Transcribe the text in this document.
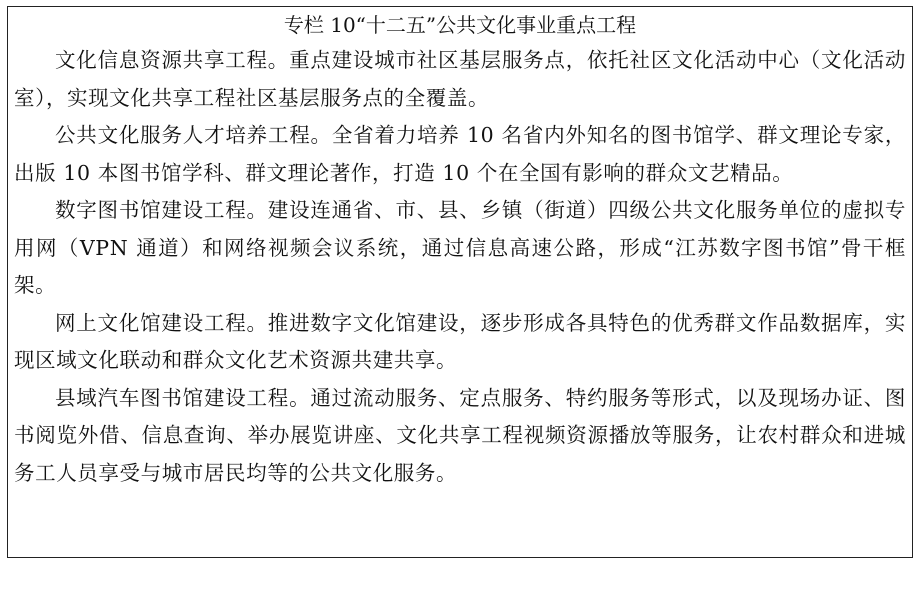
专栏 10“十二五”公共文化事业重点工程

文化信息资源共享工程。重点建设城市社区基层服务点，依托社区文化活动中心（文化活动室），实现文化共享工程社区基层服务点的全覆盖。

公共文化服务人才培养工程。全省着力培养 10 名省内外知名的图书馆学、群文理论专家，出版 10 本图书馆学科、群文理论著作，打造 10 个在全国有影响的群众文艺精品。

数字图书馆建设工程。建设连通省、市、县、乡镇（街道）四级公共文化服务单位的虚拟专用网（VPN 通道）和网络视频会议系统，通过信息高速公路，形成“江苏数字图书馆”骨干框架。

网上文化馆建设工程。推进数字文化馆建设，逐步形成各具特色的优秀群文作品数据库，实现区域文化联动和群众文化艺术资源共建共享。

县域汽车图书馆建设工程。通过流动服务、定点服务、特约服务等形式，以及现场办证、图书阅览外借、信息查询、举办展览讲座、文化共享工程视频资源播放等服务，让农村群众和进城务工人员享受与城市居民均等的公共文化服务。
